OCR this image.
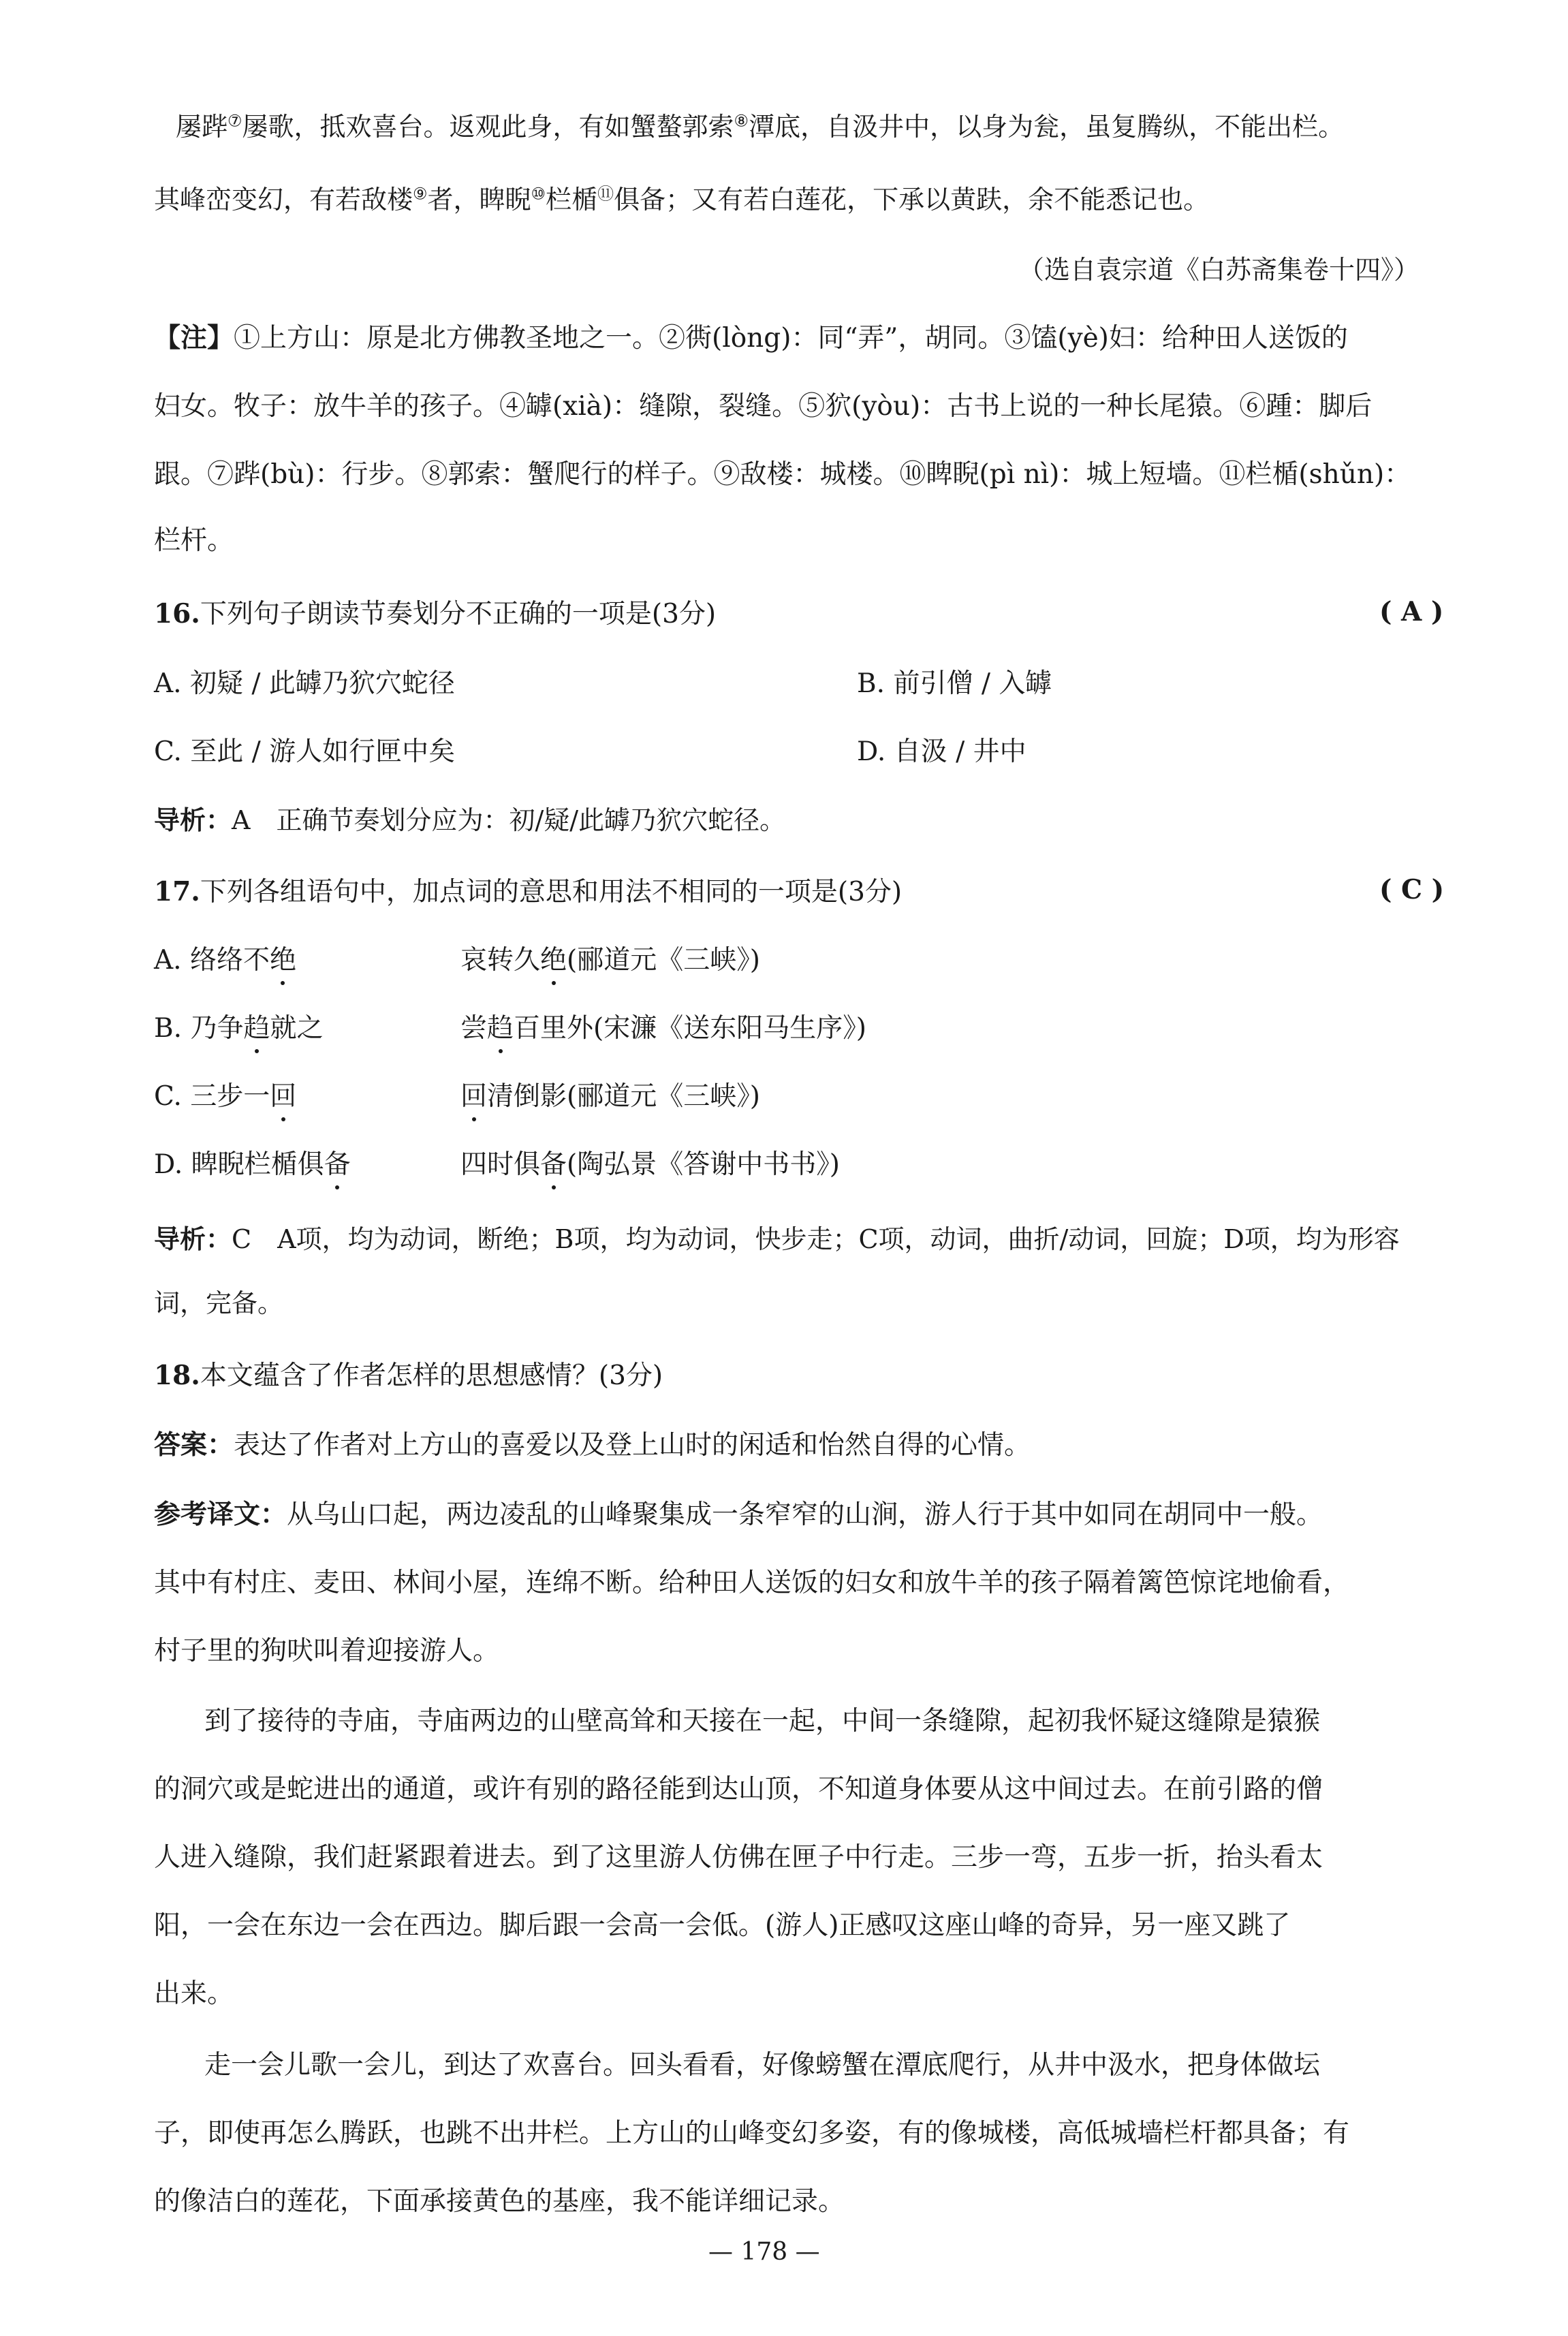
屡跸⑦屡歌，抵欢喜台。返观此身，有如蟹螯郭索⑧潭底，自汲井中，以身为瓮，虽复腾纵，不能出栏。
其峰峦变幻，有若敌楼⑨者，睥睨⑩栏楯⑪俱备；又有若白莲花，下承以黄趺，余不能悉记也。
（选自袁宗道《白苏斋集卷十四》）
【注】①上方山：原是北方佛教圣地之一。②衖(lòng)：同“弄”，胡同。③馌(yè)妇：给种田人送饭的
妇女。牧子：放牛羊的孩子。④罅(xià)：缝隙，裂缝。⑤狖(yòu)：古书上说的一种长尾猿。⑥踵：脚后
跟。⑦跸(bù)：行步。⑧郭索：蟹爬行的样子。⑨敌楼：城楼。⑩睥睨(pì nì)：城上短墙。⑪栏楯(shǔn)：
栏杆。
16.下列句子朗读节奏划分不正确的一项是(3分)	( A )
A. 初疑 / 此罅乃狖穴蛇径	B. 前引僧 / 入罅
C. 至此 / 游人如行匣中矣	D. 自汲 / 井中
导析：A　正确节奏划分应为：初/疑/此罅乃狖穴蛇径。
17.下列各组语句中，加点词的意思和用法不相同的一项是(3分)	( C )
A. 络络不绝	哀转久绝(郦道元《三峡》)
B. 乃争趋就之	尝趋百里外(宋濂《送东阳马生序》)
C. 三步一回	回清倒影(郦道元《三峡》)
D. 睥睨栏楯俱备	四时俱备(陶弘景《答谢中书书》)
导析：C　A项，均为动词，断绝；B项，均为动词，快步走；C项，动词，曲折/动词，回旋；D项，均为形容
词，完备。
18.本文蕴含了作者怎样的思想感情？(3分)
答案：表达了作者对上方山的喜爱以及登上山时的闲适和怡然自得的心情。
参考译文：从乌山口起，两边凌乱的山峰聚集成一条窄窄的山涧，游人行于其中如同在胡同中一般。
其中有村庄、麦田、林间小屋，连绵不断。给种田人送饭的妇女和放牛羊的孩子隔着篱笆惊诧地偷看，
村子里的狗吠叫着迎接游人。
到了接待的寺庙，寺庙两边的山壁高耸和天接在一起，中间一条缝隙，起初我怀疑这缝隙是猿猴
的洞穴或是蛇进出的通道，或许有别的路径能到达山顶，不知道身体要从这中间过去。在前引路的僧
人进入缝隙，我们赶紧跟着进去。到了这里游人仿佛在匣子中行走。三步一弯，五步一折，抬头看太
阳，一会在东边一会在西边。脚后跟一会高一会低。(游人)正感叹这座山峰的奇异，另一座又跳了
出来。
走一会儿歌一会儿，到达了欢喜台。回头看看，好像螃蟹在潭底爬行，从井中汲水，把身体做坛
子，即使再怎么腾跃，也跳不出井栏。上方山的山峰变幻多姿，有的像城楼，高低城墙栏杆都具备；有
的像洁白的莲花，下面承接黄色的基座，我不能详细记录。
— 178 —
